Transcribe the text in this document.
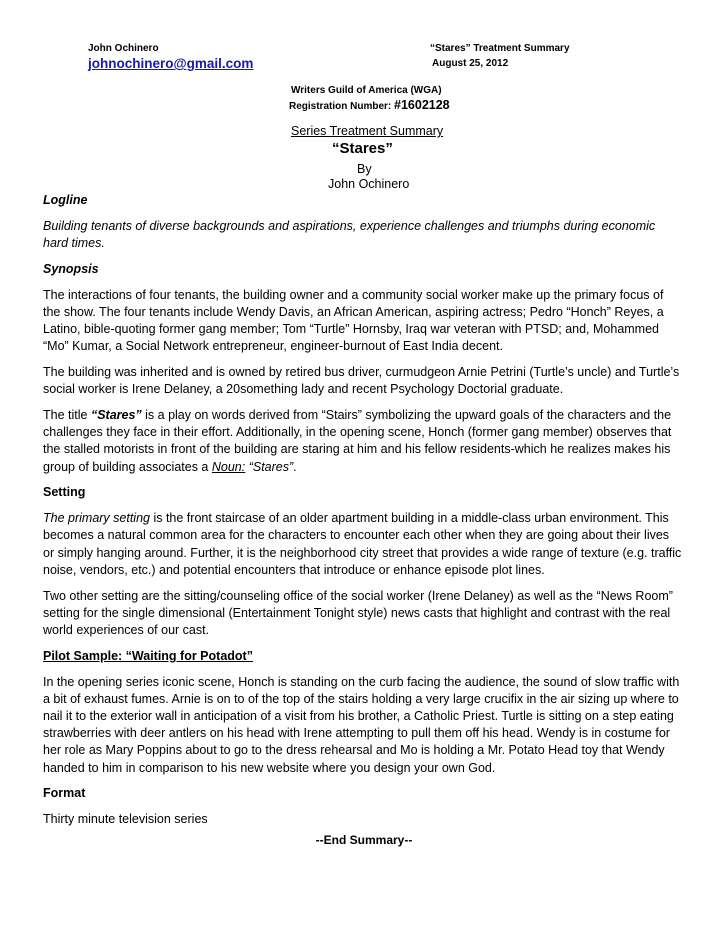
John Ochinero
johnochinero@gmail.com
“Stares” Treatment Summary
August 25, 2012
Writers Guild of America (WGA)
Registration Number: #1602128
Series Treatment Summary
“Stares”
By
John Ochinero
Logline

Building tenants of diverse backgrounds and aspirations, experience challenges and triumphs during economic hard times.

Synopsis

The interactions of four tenants, the building owner and a community social worker make up the primary focus of the show. The four tenants include Wendy Davis, an African American, aspiring actress; Pedro “Honch” Reyes, a Latino, bible-quoting former gang member; Tom “Turtle” Hornsby, Iraq war veteran with PTSD; and, Mohammed “Mo” Kumar, a Social Network entrepreneur, engineer-burnout of East India decent.

The building was inherited and is owned by retired bus driver, curmudgeon Arnie Petrini (Turtle’s uncle) and Turtle’s social worker is Irene Delaney, a 20something lady and recent Psychology Doctorial graduate.

The title “Stares” is a play on words derived from “Stairs” symbolizing the upward goals of the characters and the challenges they face in their effort. Additionally, in the opening scene, Honch (former gang member) observes that the stalled motorists in front of the building are staring at him and his fellow residents-which he realizes makes his group of building associates a Noun: “Stares”.

Setting

The primary setting is the front staircase of an older apartment building in a middle-class urban environment. This becomes a natural common area for the characters to encounter each other when they are going about their lives or simply hanging around. Further, it is the neighborhood city street that provides a wide range of texture (e.g. traffic noise, vendors, etc.) and potential encounters that introduce or enhance episode plot lines.

Two other setting are the sitting/counseling office of the social worker (Irene Delaney) as well as the “News Room” setting for the single dimensional (Entertainment Tonight style) news casts that highlight and contrast with the real world experiences of our cast.

Pilot Sample: “Waiting for Potadot”

In the opening series iconic scene, Honch is standing on the curb facing the audience, the sound of slow traffic with a bit of exhaust fumes. Arnie is on to of the top of the stairs holding a very large crucifix in the air sizing up where to nail it to the exterior wall in anticipation of a visit from his brother, a Catholic Priest. Turtle is sitting on a step eating strawberries with deer antlers on his head with Irene attempting to pull them off his head. Wendy is in costume for her role as Mary Poppins about to go to the dress rehearsal and Mo is holding a Mr. Potato Head toy that Wendy handed to him in comparison to his new website where you design your own God.

Format

Thirty minute television series

--End Summary--
